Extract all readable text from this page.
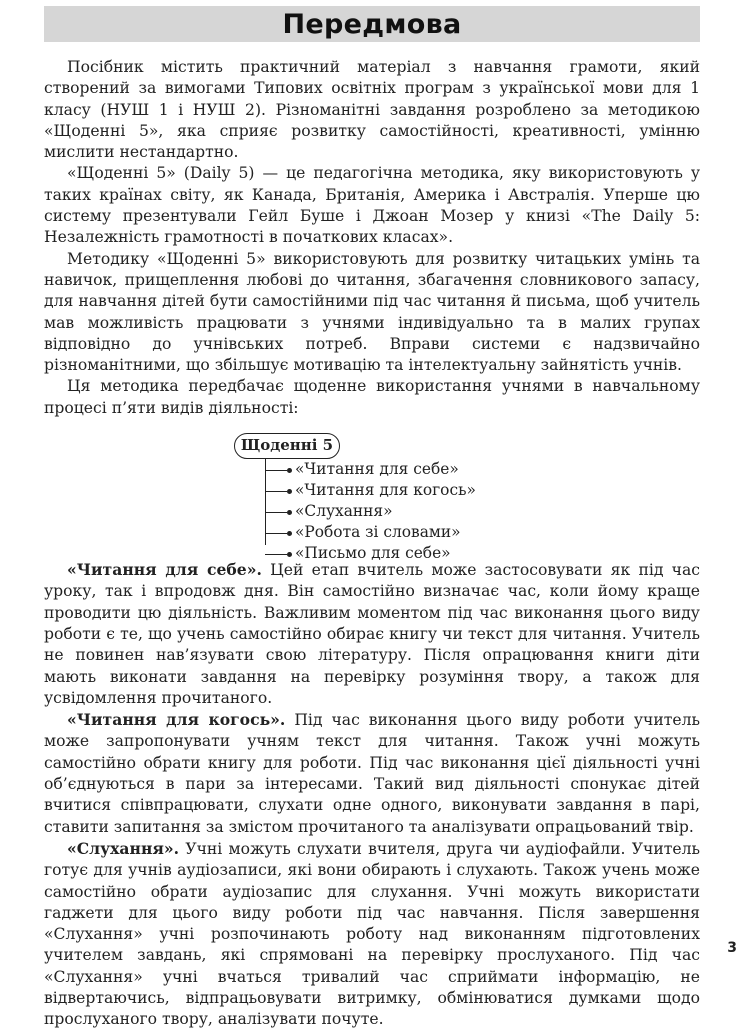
Передмова

Посібник містить практичний матеріал з навчання грамоти, який створений за вимогами Типових освітніх програм з української мови для 1 класу (НУШ 1 і НУШ 2). Різноманітні завдання розроблено за методикою «Щоденні 5», яка сприяє розвитку самостійності, креативності, умінню мислити нестандартно.

«Щоденні 5» (Daily 5) — це педагогічна методика, яку використовують у таких країнах світу, як Канада, Британія, Америка і Австралія. Уперше цю систему презентували Гейл Буше і Джоан Мозер у книзі «The Daily 5: Незалежність грамотності в початкових класах».

Методику «Щоденні 5» використовують для розвитку читацьких умінь та навичок, прищеплення любові до читання, збагачення словникового запасу, для навчання дітей бути самостійними під час читання й письма, щоб учитель мав можливість працювати з учнями індивідуально та в малих групах відповідно до учнівських потреб. Вправи системи є надзвичайно різноманітними, що збільшує мотивацію та інтелектуальну зайнятість учнів.

Ця методика передбачає щоденне використання учнями в навчальному процесі п’яти видів діяльності:

Щоденні 5
«Читання для себе»
«Читання для когось»
«Слухання»
«Робота зі словами»
«Письмо для себе»

«Читання для себе». Цей етап вчитель може застосовувати як під час уроку, так і впродовж дня. Він самостійно визначає час, коли йому краще проводити цю діяльність. Важливим моментом під час виконання цього виду роботи є те, що учень самостійно обирає книгу чи текст для читання. Учитель не повинен нав’язувати свою літературу. Після опрацювання книги діти мають виконати завдання на перевірку розуміння твору, а також для усвідомлення прочитаного.

«Читання для когось». Під час виконання цього виду роботи учитель може запропонувати учням текст для читання. Також учні можуть самостійно обрати книгу для роботи. Під час виконання цієї діяльності учні об’єднуються в пари за інтересами. Такий вид діяльності спонукає дітей вчитися співпрацювати, слухати одне одного, виконувати завдання в парі, ставити запитання за змістом прочитаного та аналізувати опрацьований твір.

«Слухання». Учні можуть слухати вчителя, друга чи аудіофайли. Учитель готує для учнів аудіозаписи, які вони обирають і слухають. Також учень може самостійно обрати аудіозапис для слухання. Учні можуть використати гаджети для цього виду роботи під час навчання. Після завершення «Слухання» учні розпочинають роботу над виконанням підготовлених учителем завдань, які спрямовані на перевірку прослуханого. Під час «Слухання» учні вчаться тривалий час сприймати інформацію, не відвертаючись, відпрацьовувати витримку, обмінюватися думками щодо прослуханого твору, аналізувати почуте.

3
